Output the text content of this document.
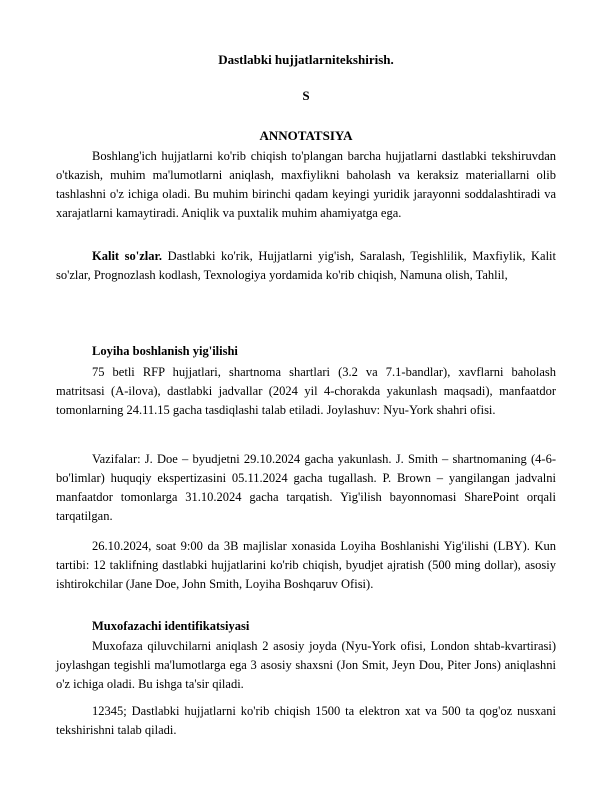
Dastlabki hujjatlarnitekshirish.
S
ANNOTATSIYA

Boshlang'ich hujjatlarni ko'rib chiqish to'plangan barcha hujjatlarni dastlabki tekshiruvdan o'tkazish, muhim ma'lumotlarni aniqlash, maxfiylikni baholash va keraksiz materiallarni olib tashlashni o'z ichiga oladi. Bu muhim birinchi qadam keyingi yuridik jarayonni soddalashtiradi va xarajatlarni kamaytiradi. Aniqlik va puxtalik muhim ahamiyatga ega.

Kalit so'zlar. Dastlabki ko'rik, Hujjatlarni yig'ish, Saralash, Tegishlilik, Maxfiylik, Kalit so'zlar, Prognozlash kodlash, Texnologiya yordamida ko'rib chiqish, Namuna olish, Tahlil,

Loyiha boshlanish yig'ilishi

75 betli RFP hujjatlari, shartnoma shartlari (3.2 va 7.1-bandlar), xavflarni baholash matritsasi (A-ilova), dastlabki jadvallar (2024 yil 4-chorakda yakunlash maqsadi), manfaatdor tomonlarning 24.11.15 gacha tasdiqlashi talab etiladi. Joylashuv: Nyu-York shahri ofisi.

Vazifalar: J. Doe – byudjetni 29.10.2024 gacha yakunlash. J. Smith – shartnomaning (4-6-bo'limlar) huquqiy ekspertizasini 05.11.2024 gacha tugallash. P. Brown – yangilangan jadvalni manfaatdor tomonlarga 31.10.2024 gacha tarqatish. Yig'ilish bayonnomasi SharePoint orqali tarqatilgan.

26.10.2024, soat 9:00 da 3B majlislar xonasida Loyiha Boshlanishi Yig'ilishi (LBY). Kun tartibi: 12 taklifning dastlabki hujjatlarini ko'rib chiqish, byudjet ajratish (500 ming dollar), asosiy ishtirokchilar (Jane Doe, John Smith, Loyiha Boshqaruv Ofisi).

Muxofazachi identifikatsiyasi

Muxofaza qiluvchilarni aniqlash 2 asosiy joyda (Nyu-York ofisi, London shtab-kvartirasi) joylashgan tegishli ma'lumotlarga ega 3 asosiy shaxsni (Jon Smit, Jeyn Dou, Piter Jons) aniqlashni o'z ichiga oladi. Bu ishga ta'sir qiladi.

12345; Dastlabki hujjatlarni ko'rib chiqish 1500 ta elektron xat va 500 ta qog'oz nusxani tekshirishni talab qiladi.
